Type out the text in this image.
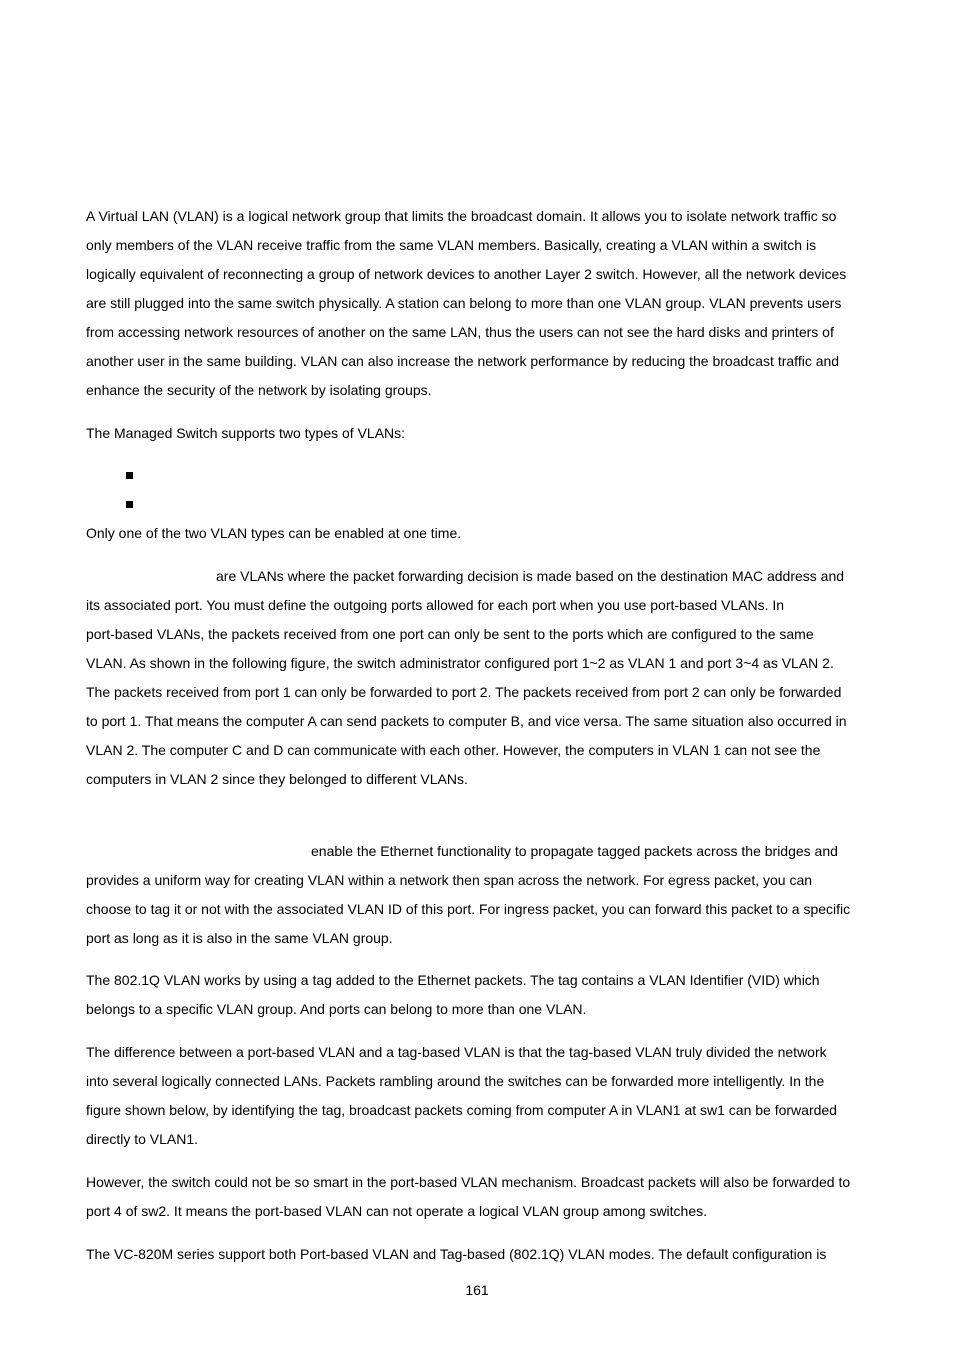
A Virtual LAN (VLAN) is a logical network group that limits the broadcast domain. It allows you to isolate network traffic so
only members of the VLAN receive traffic from the same VLAN members. Basically, creating a VLAN within a switch is
logically equivalent of reconnecting a group of network devices to another Layer 2 switch. However, all the network devices
are still plugged into the same switch physically. A station can belong to more than one VLAN group. VLAN prevents users
from accessing network resources of another on the same LAN, thus the users can not see the hard disks and printers of
another user in the same building. VLAN can also increase the network performance by reducing the broadcast traffic and
enhance the security of the network by isolating groups.
The Managed Switch supports two types of VLANs:
Only one of the two VLAN types can be enabled at one time.
are VLANs where the packet forwarding decision is made based on the destination MAC address and
its associated port. You must define the outgoing ports allowed for each port when you use port-based VLANs. In
port-based VLANs, the packets received from one port can only be sent to the ports which are configured to the same
VLAN. As shown in the following figure, the switch administrator configured port 1~2 as VLAN 1 and port 3~4 as VLAN 2.
The packets received from port 1 can only be forwarded to port 2. The packets received from port 2 can only be forwarded
to port 1. That means the computer A can send packets to computer B, and vice versa. The same situation also occurred in
VLAN 2. The computer C and D can communicate with each other. However, the computers in VLAN 1 can not see the
computers in VLAN 2 since they belonged to different VLANs.
enable the Ethernet functionality to propagate tagged packets across the bridges and
provides a uniform way for creating VLAN within a network then span across the network. For egress packet, you can
choose to tag it or not with the associated VLAN ID of this port. For ingress packet, you can forward this packet to a specific
port as long as it is also in the same VLAN group.
The 802.1Q VLAN works by using a tag added to the Ethernet packets. The tag contains a VLAN Identifier (VID) which
belongs to a specific VLAN group. And ports can belong to more than one VLAN.
The difference between a port-based VLAN and a tag-based VLAN is that the tag-based VLAN truly divided the network
into several logically connected LANs. Packets rambling around the switches can be forwarded more intelligently. In the
figure shown below, by identifying the tag, broadcast packets coming from computer A in VLAN1 at sw1 can be forwarded
directly to VLAN1.
However, the switch could not be so smart in the port-based VLAN mechanism. Broadcast packets will also be forwarded to
port 4 of sw2. It means the port-based VLAN can not operate a logical VLAN group among switches.
The VC-820M series support both Port-based VLAN and Tag-based (802.1Q) VLAN modes. The default configuration is
161
